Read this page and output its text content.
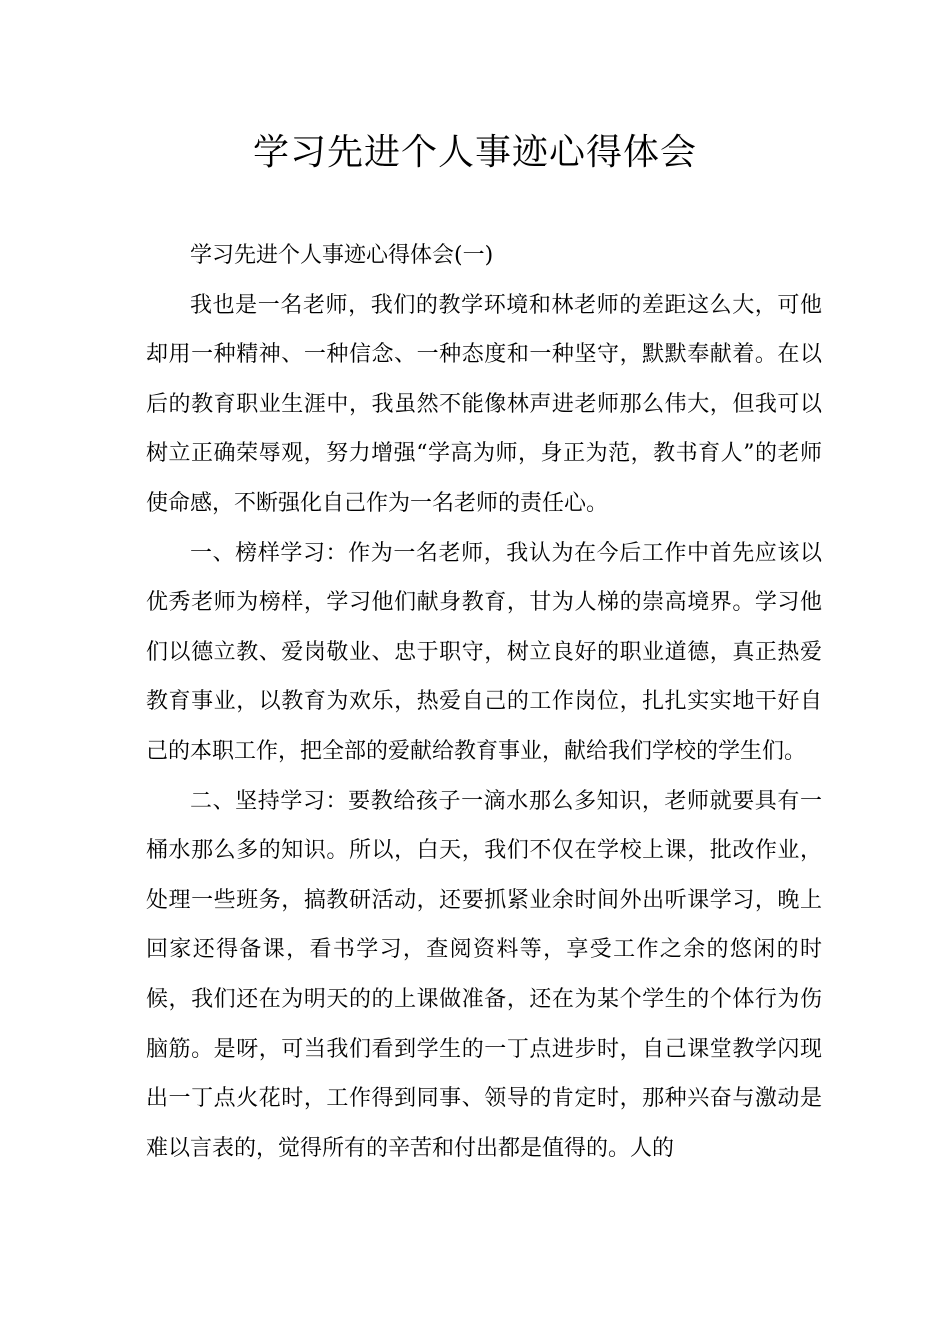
学习先进个人事迹心得体会

学习先进个人事迹心得体会(一)

我也是一名老师，我们的教学环境和林老师的差距这么大，可他却用一种精神、一种信念、一种态度和一种坚守，默默奉献着。在以后的教育职业生涯中，我虽然不能像林声进老师那么伟大，但我可以树立正确荣辱观，努力增强“学高为师，身正为范，教书育人”的老师使命感，不断强化自己作为一名老师的责任心。

一、榜样学习：作为一名老师，我认为在今后工作中首先应该以优秀老师为榜样，学习他们献身教育，甘为人梯的崇高境界。学习他们以德立教、爱岗敬业、忠于职守，树立良好的职业道德，真正热爱教育事业，以教育为欢乐，热爱自己的工作岗位，扎扎实实地干好自己的本职工作，把全部的爱献给教育事业，献给我们学校的学生们。

二、坚持学习：要教给孩子一滴水那么多知识，老师就要具有一桶水那么多的知识。所以，白天，我们不仅在学校上课，批改作业，处理一些班务，搞教研活动，还要抓紧业余时间外出听课学习，晚上回家还得备课，看书学习，查阅资料等，享受工作之余的悠闲的时候，我们还在为明天的的上课做准备，还在为某个学生的个体行为伤脑筋。是呀，可当我们看到学生的一丁点进步时，自己课堂教学闪现出一丁点火花时，工作得到同事、领导的肯定时，那种兴奋与激动是难以言表的，觉得所有的辛苦和付出都是值得的。人的
